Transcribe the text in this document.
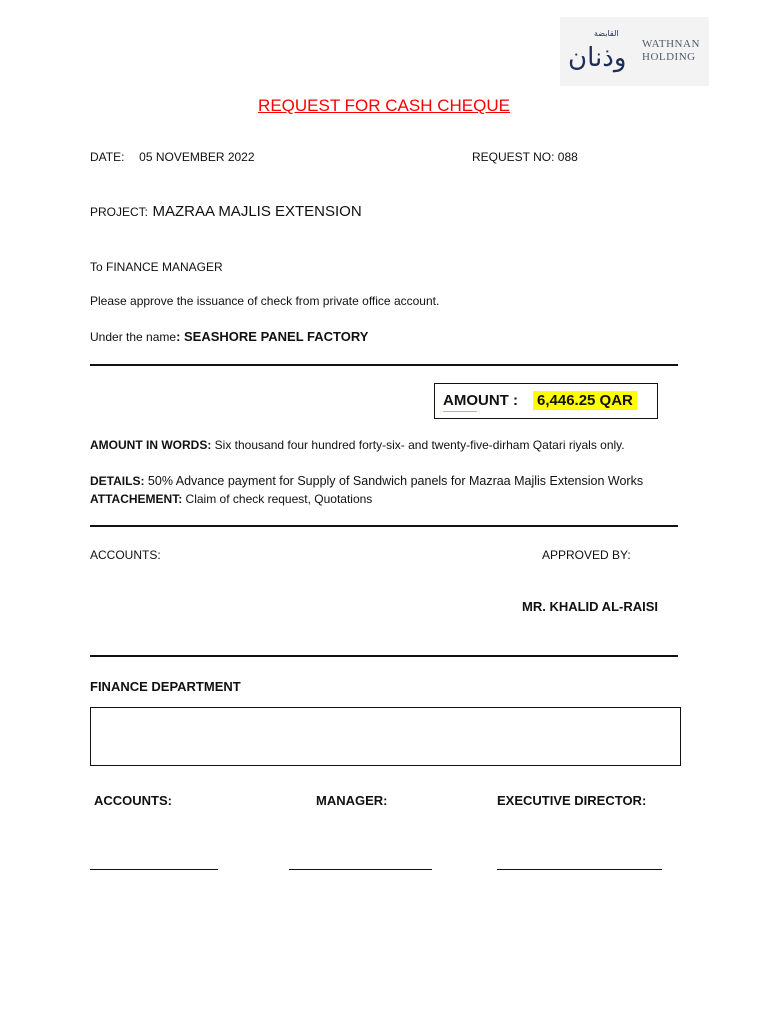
القابضة
وذنان WATHNAN
HOLDING
REQUEST FOR CASH CHEQUE
DATE: 05 NOVEMBER 2022	REQUEST NO: 088
PROJECT: MAZRAA MAJLIS EXTENSION
To FINANCE MANAGER
Please approve the issuance of check from private office account.
Under the name: SEASHORE PANEL FACTORY
AMOUNT : 6,446.25 QAR
AMOUNT IN WORDS: Six thousand four hundred forty-six- and twenty-five-dirham Qatari riyals only.
DETAILS: 50% Advance payment for Supply of Sandwich panels for Mazraa Majlis Extension Works
ATTACHEMENT: Claim of check request, Quotations
ACCOUNTS:	APPROVED BY:
MR. KHALID AL-RAISI
FINANCE DEPARTMENT
ACCOUNTS:	MANAGER:	EXECUTIVE DIRECTOR:
